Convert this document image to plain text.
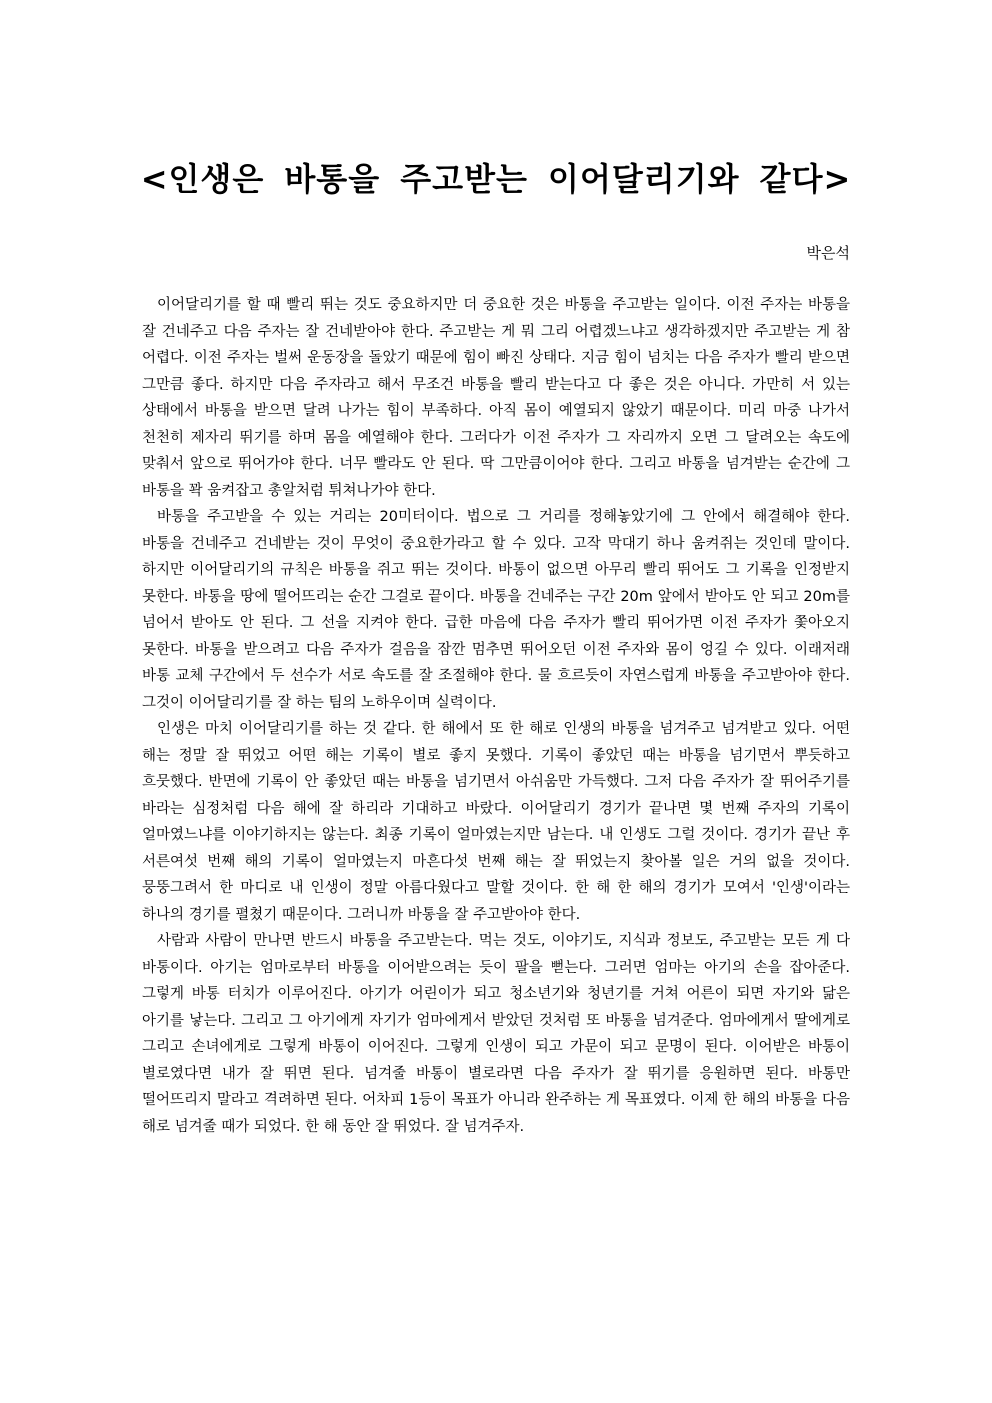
<인생은 바통을 주고받는 이어달리기와 같다>
박은석

이어달리기를 할 때 빨리 뛰는 것도 중요하지만 더 중요한 것은 바통을 주고받는 일이다. 이전 주자는 바통을 잘 건네주고 다음 주자는 잘 건네받아야 한다. 주고받는 게 뭐 그리 어렵겠느냐고 생각하겠지만 주고받는 게 참 어렵다. 이전 주자는 벌써 운동장을 돌았기 때문에 힘이 빠진 상태다. 지금 힘이 넘치는 다음 주자가 빨리 받으면 그만큼 좋다. 하지만 다음 주자라고 해서 무조건 바통을 빨리 받는다고 다 좋은 것은 아니다. 가만히 서 있는 상태에서 바통을 받으면 달려 나가는 힘이 부족하다. 아직 몸이 예열되지 않았기 때문이다. 미리 마중 나가서 천천히 제자리 뛰기를 하며 몸을 예열해야 한다. 그러다가 이전 주자가 그 자리까지 오면 그 달려오는 속도에 맞춰서 앞으로 뛰어가야 한다. 너무 빨라도 안 된다. 딱 그만큼이어야 한다. 그리고 바통을 넘겨받는 순간에 그 바통을 꽉 움켜잡고 총알처럼 튀쳐나가야 한다.

바통을 주고받을 수 있는 거리는 20미터이다. 법으로 그 거리를 정해놓았기에 그 안에서 해결해야 한다. 바통을 건네주고 건네받는 것이 무엇이 중요한가라고 할 수 있다. 고작 막대기 하나 움켜쥐는 것인데 말이다. 하지만 이어달리기의 규칙은 바통을 쥐고 뛰는 것이다. 바통이 없으면 아무리 빨리 뛰어도 그 기록을 인정받지 못한다. 바통을 땅에 떨어뜨리는 순간 그걸로 끝이다. 바통을 건네주는 구간 20m 앞에서 받아도 안 되고 20m를 넘어서 받아도 안 된다. 그 선을 지켜야 한다. 급한 마음에 다음 주자가 빨리 뛰어가면 이전 주자가 쫓아오지 못한다. 바통을 받으려고 다음 주자가 걸음을 잠깐 멈추면 뛰어오던 이전 주자와 몸이 엉길 수 있다. 이래저래 바통 교체 구간에서 두 선수가 서로 속도를 잘 조절해야 한다. 물 흐르듯이 자연스럽게 바통을 주고받아야 한다. 그것이 이어달리기를 잘 하는 팀의 노하우이며 실력이다.

인생은 마치 이어달리기를 하는 것 같다. 한 해에서 또 한 해로 인생의 바통을 넘겨주고 넘겨받고 있다. 어떤 해는 정말 잘 뛰었고 어떤 해는 기록이 별로 좋지 못했다. 기록이 좋았던 때는 바통을 넘기면서 뿌듯하고 흐뭇했다. 반면에 기록이 안 좋았던 때는 바통을 넘기면서 아쉬움만 가득했다. 그저 다음 주자가 잘 뛰어주기를 바라는 심정처럼 다음 해에 잘 하리라 기대하고 바랐다. 이어달리기 경기가 끝나면 몇 번째 주자의 기록이 얼마였느냐를 이야기하지는 않는다. 최종 기록이 얼마였는지만 남는다. 내 인생도 그럴 것이다. 경기가 끝난 후 서른여섯 번째 해의 기록이 얼마였는지 마흔다섯 번째 해는 잘 뛰었는지 찾아볼 일은 거의 없을 것이다. 뭉뚱그려서 한 마디로 내 인생이 정말 아름다웠다고 말할 것이다. 한 해 한 해의 경기가 모여서 '인생'이라는 하나의 경기를 펼쳤기 때문이다. 그러니까 바통을 잘 주고받아야 한다.

사람과 사람이 만나면 반드시 바통을 주고받는다. 먹는 것도, 이야기도, 지식과 정보도, 주고받는 모든 게 다 바통이다. 아기는 엄마로부터 바통을 이어받으려는 듯이 팔을 뻗는다. 그러면 엄마는 아기의 손을 잡아준다. 그렇게 바통 터치가 이루어진다. 아기가 어린이가 되고 청소년기와 청년기를 거쳐 어른이 되면 자기와 닮은 아기를 낳는다. 그리고 그 아기에게 자기가 엄마에게서 받았던 것처럼 또 바통을 넘겨준다. 엄마에게서 딸에게로 그리고 손녀에게로 그렇게 바통이 이어진다. 그렇게 인생이 되고 가문이 되고 문명이 된다. 이어받은 바통이 별로였다면 내가 잘 뛰면 된다. 넘겨줄 바통이 별로라면 다음 주자가 잘 뛰기를 응원하면 된다. 바통만 떨어뜨리지 말라고 격려하면 된다. 어차피 1등이 목표가 아니라 완주하는 게 목표였다. 이제 한 해의 바통을 다음 해로 넘겨줄 때가 되었다. 한 해 동안 잘 뛰었다. 잘 넘겨주자.
